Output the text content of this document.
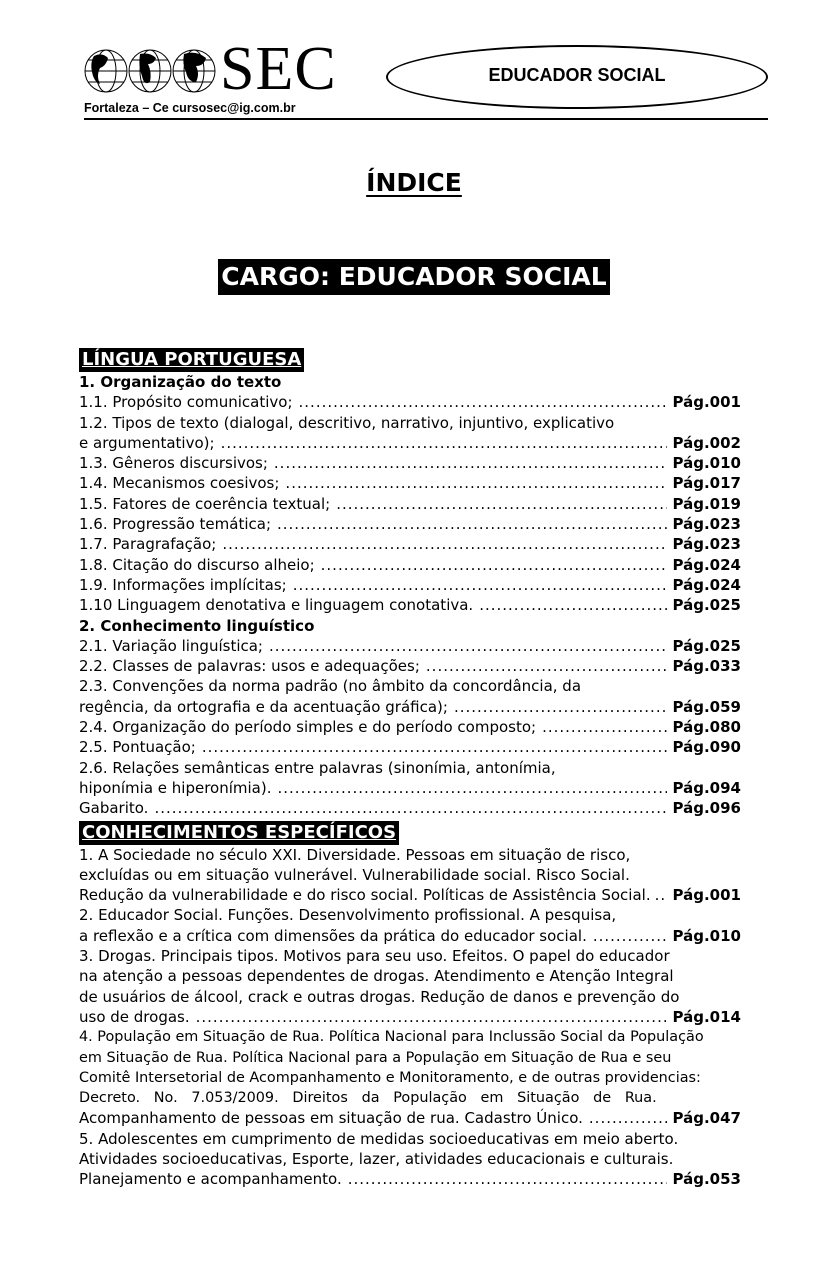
SEC
Fortaleza – Ce cursosec@ig.com.br
EDUCADOR SOCIAL
ÍNDICE
CARGO: EDUCADOR SOCIAL
LÍNGUA PORTUGUESA
1. Organização do texto
1.1. Propósito comunicativo; .....	Pág.001
1.2. Tipos de texto (dialogal, descritivo, narrativo, injuntivo, explicativo
e argumentativo); .....	Pág.002
1.3. Gêneros discursivos; .....	Pág.010
1.4. Mecanismos coesivos; .....	Pág.017
1.5. Fatores de coerência textual; .....	Pág.019
1.6. Progressão temática; .....	Pág.023
1.7. Paragrafação; .....	Pág.023
1.8. Citação do discurso alheio; .....	Pág.024
1.9. Informações implícitas; .....	Pág.024
1.10 Linguagem denotativa e linguagem conotativa. .....	Pág.025
2. Conhecimento linguístico
2.1. Variação linguística; .....	Pág.025
2.2. Classes de palavras: usos e adequações; .....	Pág.033
2.3. Convenções da norma padrão (no âmbito da concordância, da
regência, da ortografia e da acentuação gráfica); .....	Pág.059
2.4. Organização do período simples e do período composto; .....	Pág.080
2.5. Pontuação; .....	Pág.090
2.6. Relações semânticas entre palavras (sinonímia, antonímia,
hiponímia e hiperonímia). .....	Pág.094
Gabarito. .....	Pág.096
CONHECIMENTOS ESPECÍFICOS
1. A Sociedade no século XXI. Diversidade. Pessoas em situação de risco,
excluídas ou em situação vulnerável. Vulnerabilidade social. Risco Social.
Redução da vulnerabilidade e do risco social. Políticas de Assistência Social. ..... Pág.001
2. Educador Social. Funções. Desenvolvimento profissional. A pesquisa,
a reflexão e a crítica com dimensões da prática do educador social. .....	Pág.010
3. Drogas. Principais tipos. Motivos para seu uso. Efeitos. O papel do educador
na atenção a pessoas dependentes de drogas. Atendimento e Atenção Integral
de usuários de álcool, crack e outras drogas. Redução de danos e prevenção do
uso de drogas. .....	Pág.014
4. População em Situação de Rua. Política Nacional para Inclussão Social da População
em Situação de Rua. Política Nacional para a População em Situação de Rua e seu
Comitê Intersetorial de Acompanhamento e Monitoramento, e de outras providencias:
Decreto.   No.   7.053/2009.   Direitos   da   População   em   Situação   de   Rua.
Acompanhamento de pessoas em situação de rua. Cadastro Único. .....	Pág.047
5. Adolescentes em cumprimento de medidas socioeducativas em meio aberto.
Atividades socioeducativas, Esporte, lazer, atividades educacionais e culturais.
Planejamento e acompanhamento. .....	Pág.053
